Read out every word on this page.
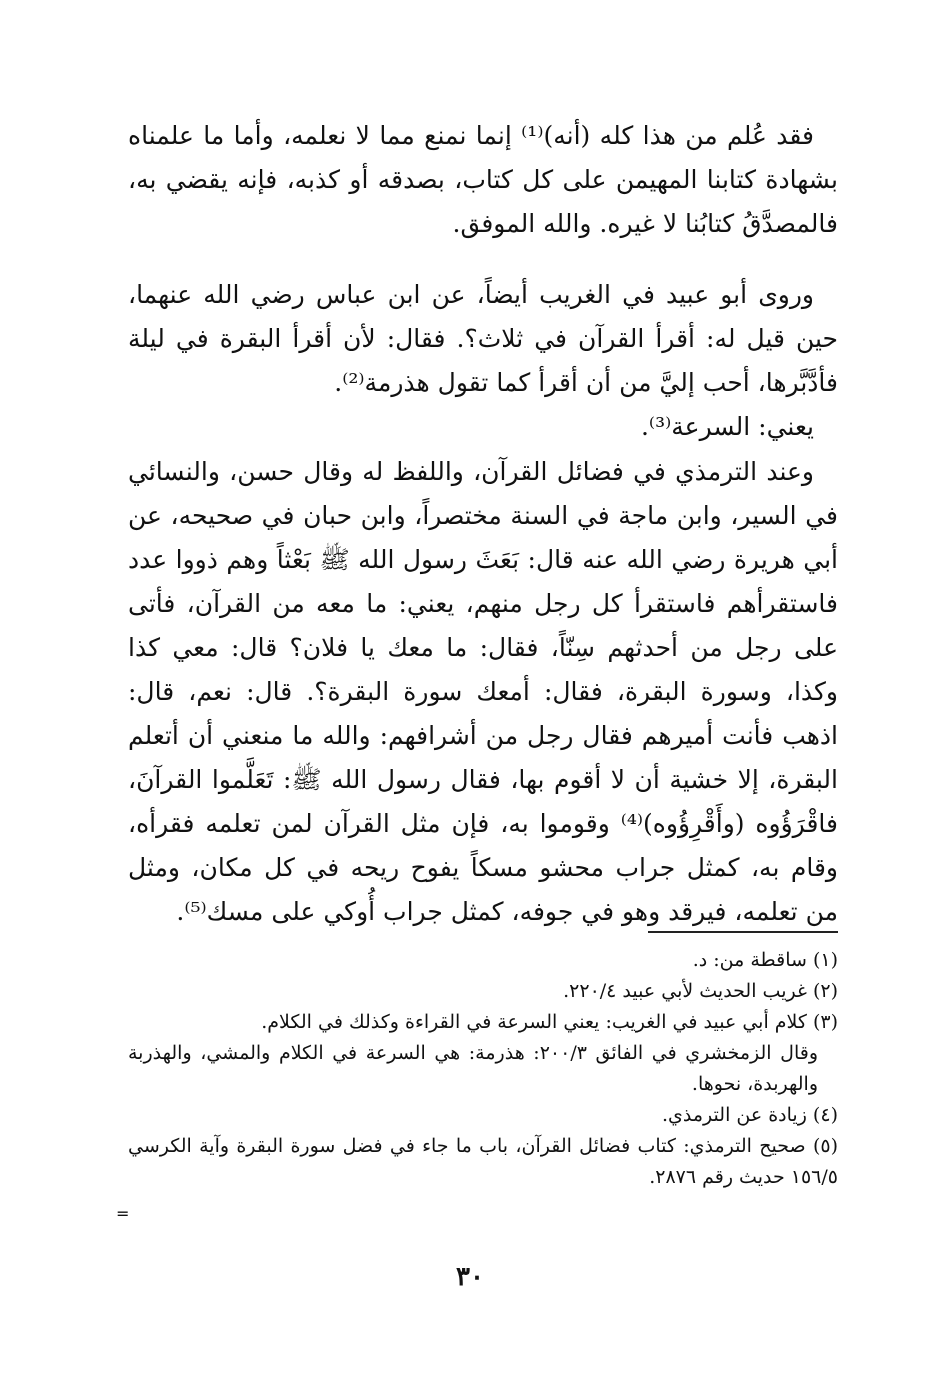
فقد عُلم من هذا كله (أنه)⁽¹⁾ إنما نمنع مما لا نعلمه، وأما ما علمناه بشهادة كتابنا المهيمن على كل كتاب، بصدقه أو كذبه، فإنه يقضي به، فالمصدَّقُ كتابُنا لا غيره. والله الموفق.

وروى أبو عبيد في الغريب أيضاً، عن ابن عباس رضي الله عنهما، حين قيل له: أقرأ القرآن في ثلاث؟. فقال: لأن أقرأ البقرة في ليلة فأدَّبَّرها، أحب إليَّ من أن أقرأ كما تقول هذرمة⁽²⁾.

يعني: السرعة⁽³⁾.

وعند الترمذي في فضائل القرآن، واللفظ له وقال حسن، والنسائي في السير، وابن ماجة في السنة مختصراً، وابن حبان في صحيحه، عن أبي هريرة رضي الله عنه قال: بَعَثَ رسول الله ﷺ بَعْثاً وهم ذووا عدد فاستقرأهم فاستقرأ كل رجل منهم، يعني: ما معه من القرآن، فأتى على رجل من أحدثهم سِنّاً، فقال: ما معك يا فلان؟ قال: معي كذا وكذا، وسورة البقرة، فقال: أمعك سورة البقرة؟. قال: نعم، قال: اذهب فأنت أميرهم فقال رجل من أشرافهم: والله ما منعني أن أتعلم البقرة، إلا خشية أن لا أقوم بها، فقال رسول الله ﷺ: تَعَلَّموا القرآنَ، فاقْرَؤُوه (وأَقْرِؤُوه)⁽⁴⁾ وقوموا به، فإن مثل القرآن لمن تعلمه فقرأه، وقام به، كمثل جراب محشو مسكاً يفوح ريحه في كل مكان، ومثل من تعلمه، فيرقد وهو في جوفه، كمثل جراب أُوكي على مسك⁽⁵⁾.

(١) ساقطة من: د.

(٢) غريب الحديث لأبي عبيد ٢٢٠/٤.

(٣) كلام أبي عبيد في الغريب: يعني السرعة في القراءة وكذلك في الكلام.

وقال الزمخشري في الفائق ٢٠٠/٣: هذرمة: هي السرعة في الكلام والمشي، والهذربة والهربدة، نحوها.

(٤) زيادة عن الترمذي.

(٥) صحيح الترمذي: كتاب فضائل القرآن، باب ما جاء في فضل سورة البقرة وآية الكرسي ١٥٦/٥ حديث رقم ٢٨٧٦.

=
٣٠
